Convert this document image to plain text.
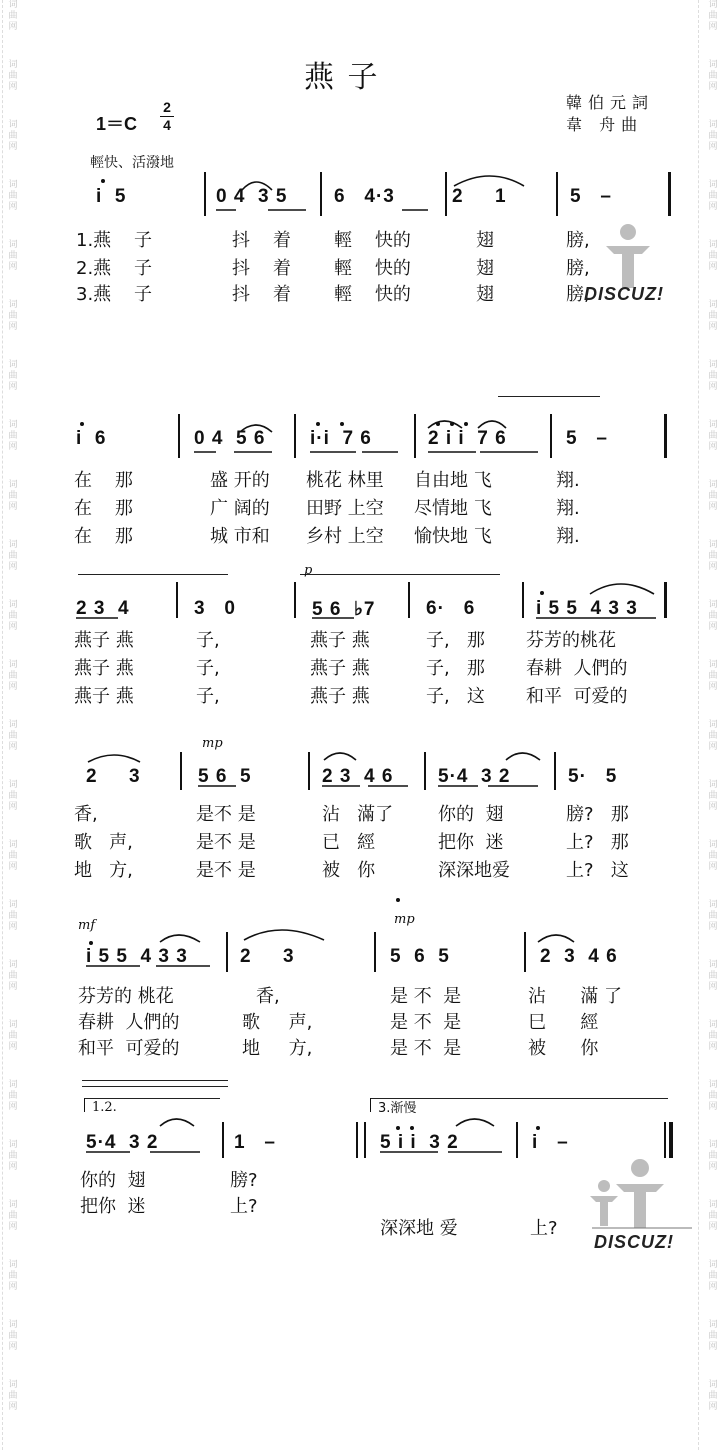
词
曲
网
词
曲
网
词
曲
网
词
曲
网
词
曲
网
词
曲
网
词
曲
网
词
曲
网
词
曲
网
词
曲
网
词
曲
网
词
曲
网
词
曲
网
词
曲
网
词
曲
网
词
曲
网
词
曲
网
词
曲
网
词
曲
网
词
曲
网
词
曲
网
词
曲
网
词
曲
网
词
曲
网
词
曲
网
词
曲
网
词
曲
网
词
曲
网
词
曲
网
词
曲
网
词
曲
网
词
曲
网
词
曲
网
词
曲
网
词
曲
网
词
曲
网
词
曲
网
词
曲
网
词
曲
网
词
曲
网
词
曲
网
词
曲
网
词
曲
网
词
曲
网
词
曲
网
词
曲
网
词
曲
网
词
曲
网
燕 子
韓伯元詞
韋 舟曲
1＝C
2
4
輕快、活潑地
i  5	0 4  3 5 6   4·3	2     1	5   –
1.燕    子	抖    着 輕    快的	翅	膀,
2.燕    子	抖    着 輕    快的	翅	膀,
3.燕    子	抖    着 輕    快的	翅	膀,
i  6	0 4  5 6 i·i  7 6	2 i i  7 6	5   –
在    那	盛 开的 桃花 林里 自由地 飞	翔.
在    那	广 阔的 田野 上空 尽情地 飞	翔.
在    那	城 市和 乡村 上空 愉快地 飞	翔.
p
2 3  4	3   0	5 6  ♭7	6·   6	i 5 5  4 3 3
燕子 燕	子,	燕子 燕	子,   那 芬芳的桃花
燕子 燕	子,	燕子 燕	子,   那 春耕  人們的
燕子 燕	子,	燕子 燕	子,   这 和平  可爱的
mp
2     3	5 6  5	2 3  4 6 5·4  3 2	5·   5
香,	是不 是	沾   滿了 你的  翅	膀?   那
歌   声,	是不 是	已   經	把你  迷	上?   那
地   方,	是不 是	被   你	深深地爱	上?   这
mf	mp
i 5 5  4 3 3	2     3	5  6  5	2  3  4 6
芬芳的 桃花	香,	是 不  是	沾      滿 了
春耕  人們的	歌     声,	是 不  是	巳      經
和平  可爱的	地     方,	是 不  是	被      你
1.2.	3.渐慢
5·4  3 2	1   –	5 i i  3 2	i   –
你的  翅	膀?
把你  迷	上?
深深地 爱	上?
DISCUZ!
DISCUZ!
